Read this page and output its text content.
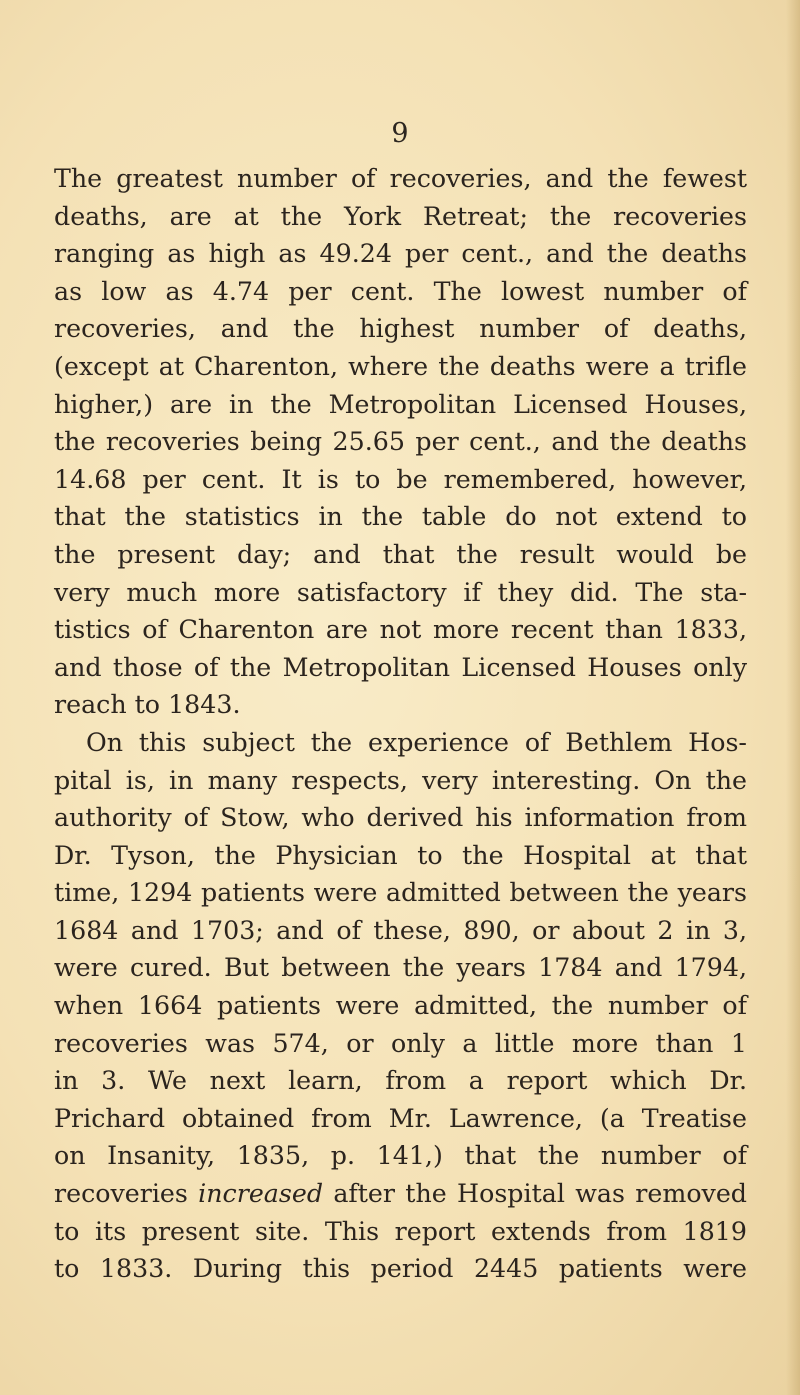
9
The greatest number of recoveries, and the fewest
deaths, are at the York Retreat; the recoveries
ranging as high as 49.24 per cent., and the deaths
as low as 4.74 per cent. The lowest number of
recoveries, and the highest number of deaths,
(except at Charenton, where the deaths were a trifle
higher,) are in the Metropolitan Licensed Houses,
the recoveries being 25.65 per cent., and the deaths
14.68 per cent. It is to be remembered, however,
that the statistics in the table do not extend to
the present day; and that the result would be
very much more satisfactory if they did. The sta-
tistics of Charenton are not more recent than 1833,
and those of the Metropolitan Licensed Houses only
reach to 1843.
On this subject the experience of Bethlem Hos-
pital is, in many respects, very interesting. On the
authority of Stow, who derived his information from
Dr. Tyson, the Physician to the Hospital at that
time, 1294 patients were admitted between the years
1684 and 1703; and of these, 890, or about 2 in 3,
were cured. But between the years 1784 and 1794,
when 1664 patients were admitted, the number of
recoveries was 574, or only a little more than 1
in 3. We next learn, from a report which Dr.
Prichard obtained from Mr. Lawrence, (a Treatise
on Insanity, 1835, p. 141,) that the number of
recoveries increased after the Hospital was removed
to its present site. This report extends from 1819
to 1833. During this period 2445 patients were
